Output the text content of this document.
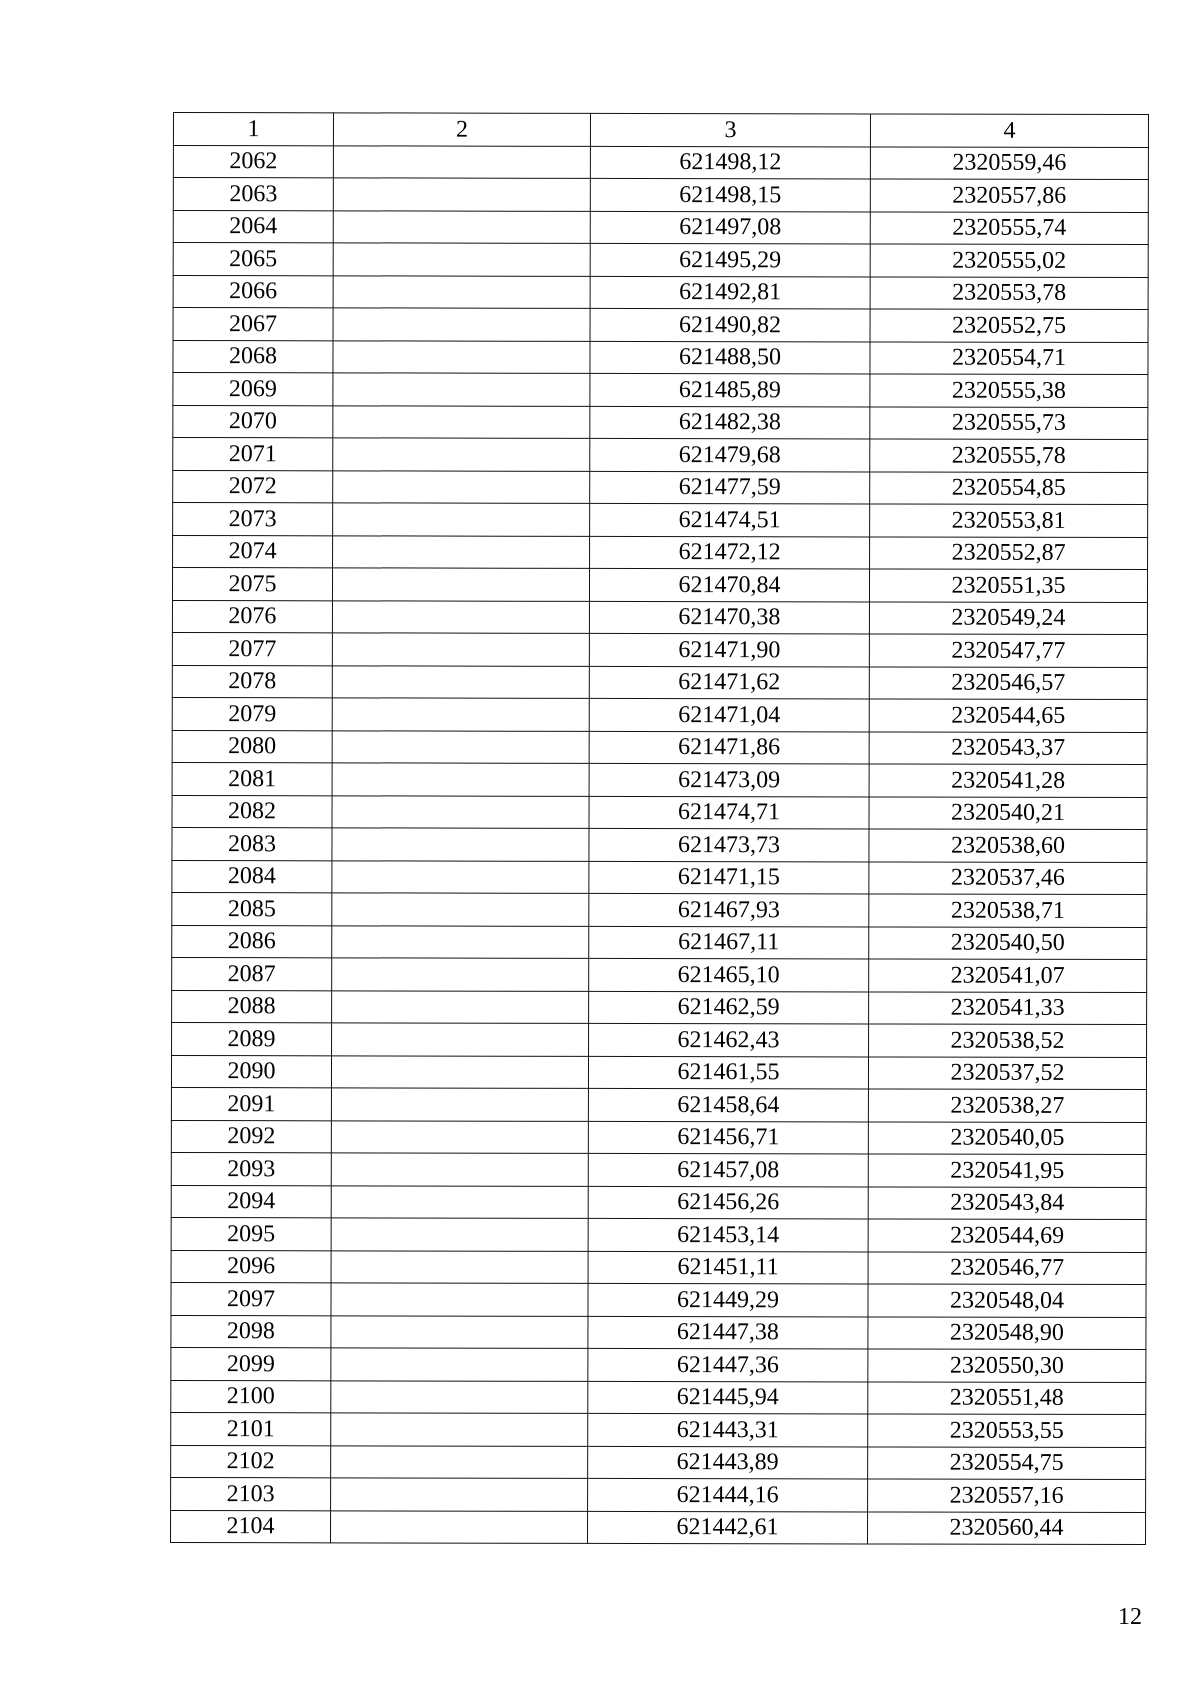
1	2	3	4
2062		621498,12	2320559,46
2063		621498,15	2320557,86
2064		621497,08	2320555,74
2065		621495,29	2320555,02
2066		621492,81	2320553,78
2067		621490,82	2320552,75
2068		621488,50	2320554,71
2069		621485,89	2320555,38
2070		621482,38	2320555,73
2071		621479,68	2320555,78
2072		621477,59	2320554,85
2073		621474,51	2320553,81
2074		621472,12	2320552,87
2075		621470,84	2320551,35
2076		621470,38	2320549,24
2077		621471,90	2320547,77
2078		621471,62	2320546,57
2079		621471,04	2320544,65
2080		621471,86	2320543,37
2081		621473,09	2320541,28
2082		621474,71	2320540,21
2083		621473,73	2320538,60
2084		621471,15	2320537,46
2085		621467,93	2320538,71
2086		621467,11	2320540,50
2087		621465,10	2320541,07
2088		621462,59	2320541,33
2089		621462,43	2320538,52
2090		621461,55	2320537,52
2091		621458,64	2320538,27
2092		621456,71	2320540,05
2093		621457,08	2320541,95
2094		621456,26	2320543,84
2095		621453,14	2320544,69
2096		621451,11	2320546,77
2097		621449,29	2320548,04
2098		621447,38	2320548,90
2099		621447,36	2320550,30
2100		621445,94	2320551,48
2101		621443,31	2320553,55
2102		621443,89	2320554,75
2103		621444,16	2320557,16
2104		621442,61	2320560,44
12
